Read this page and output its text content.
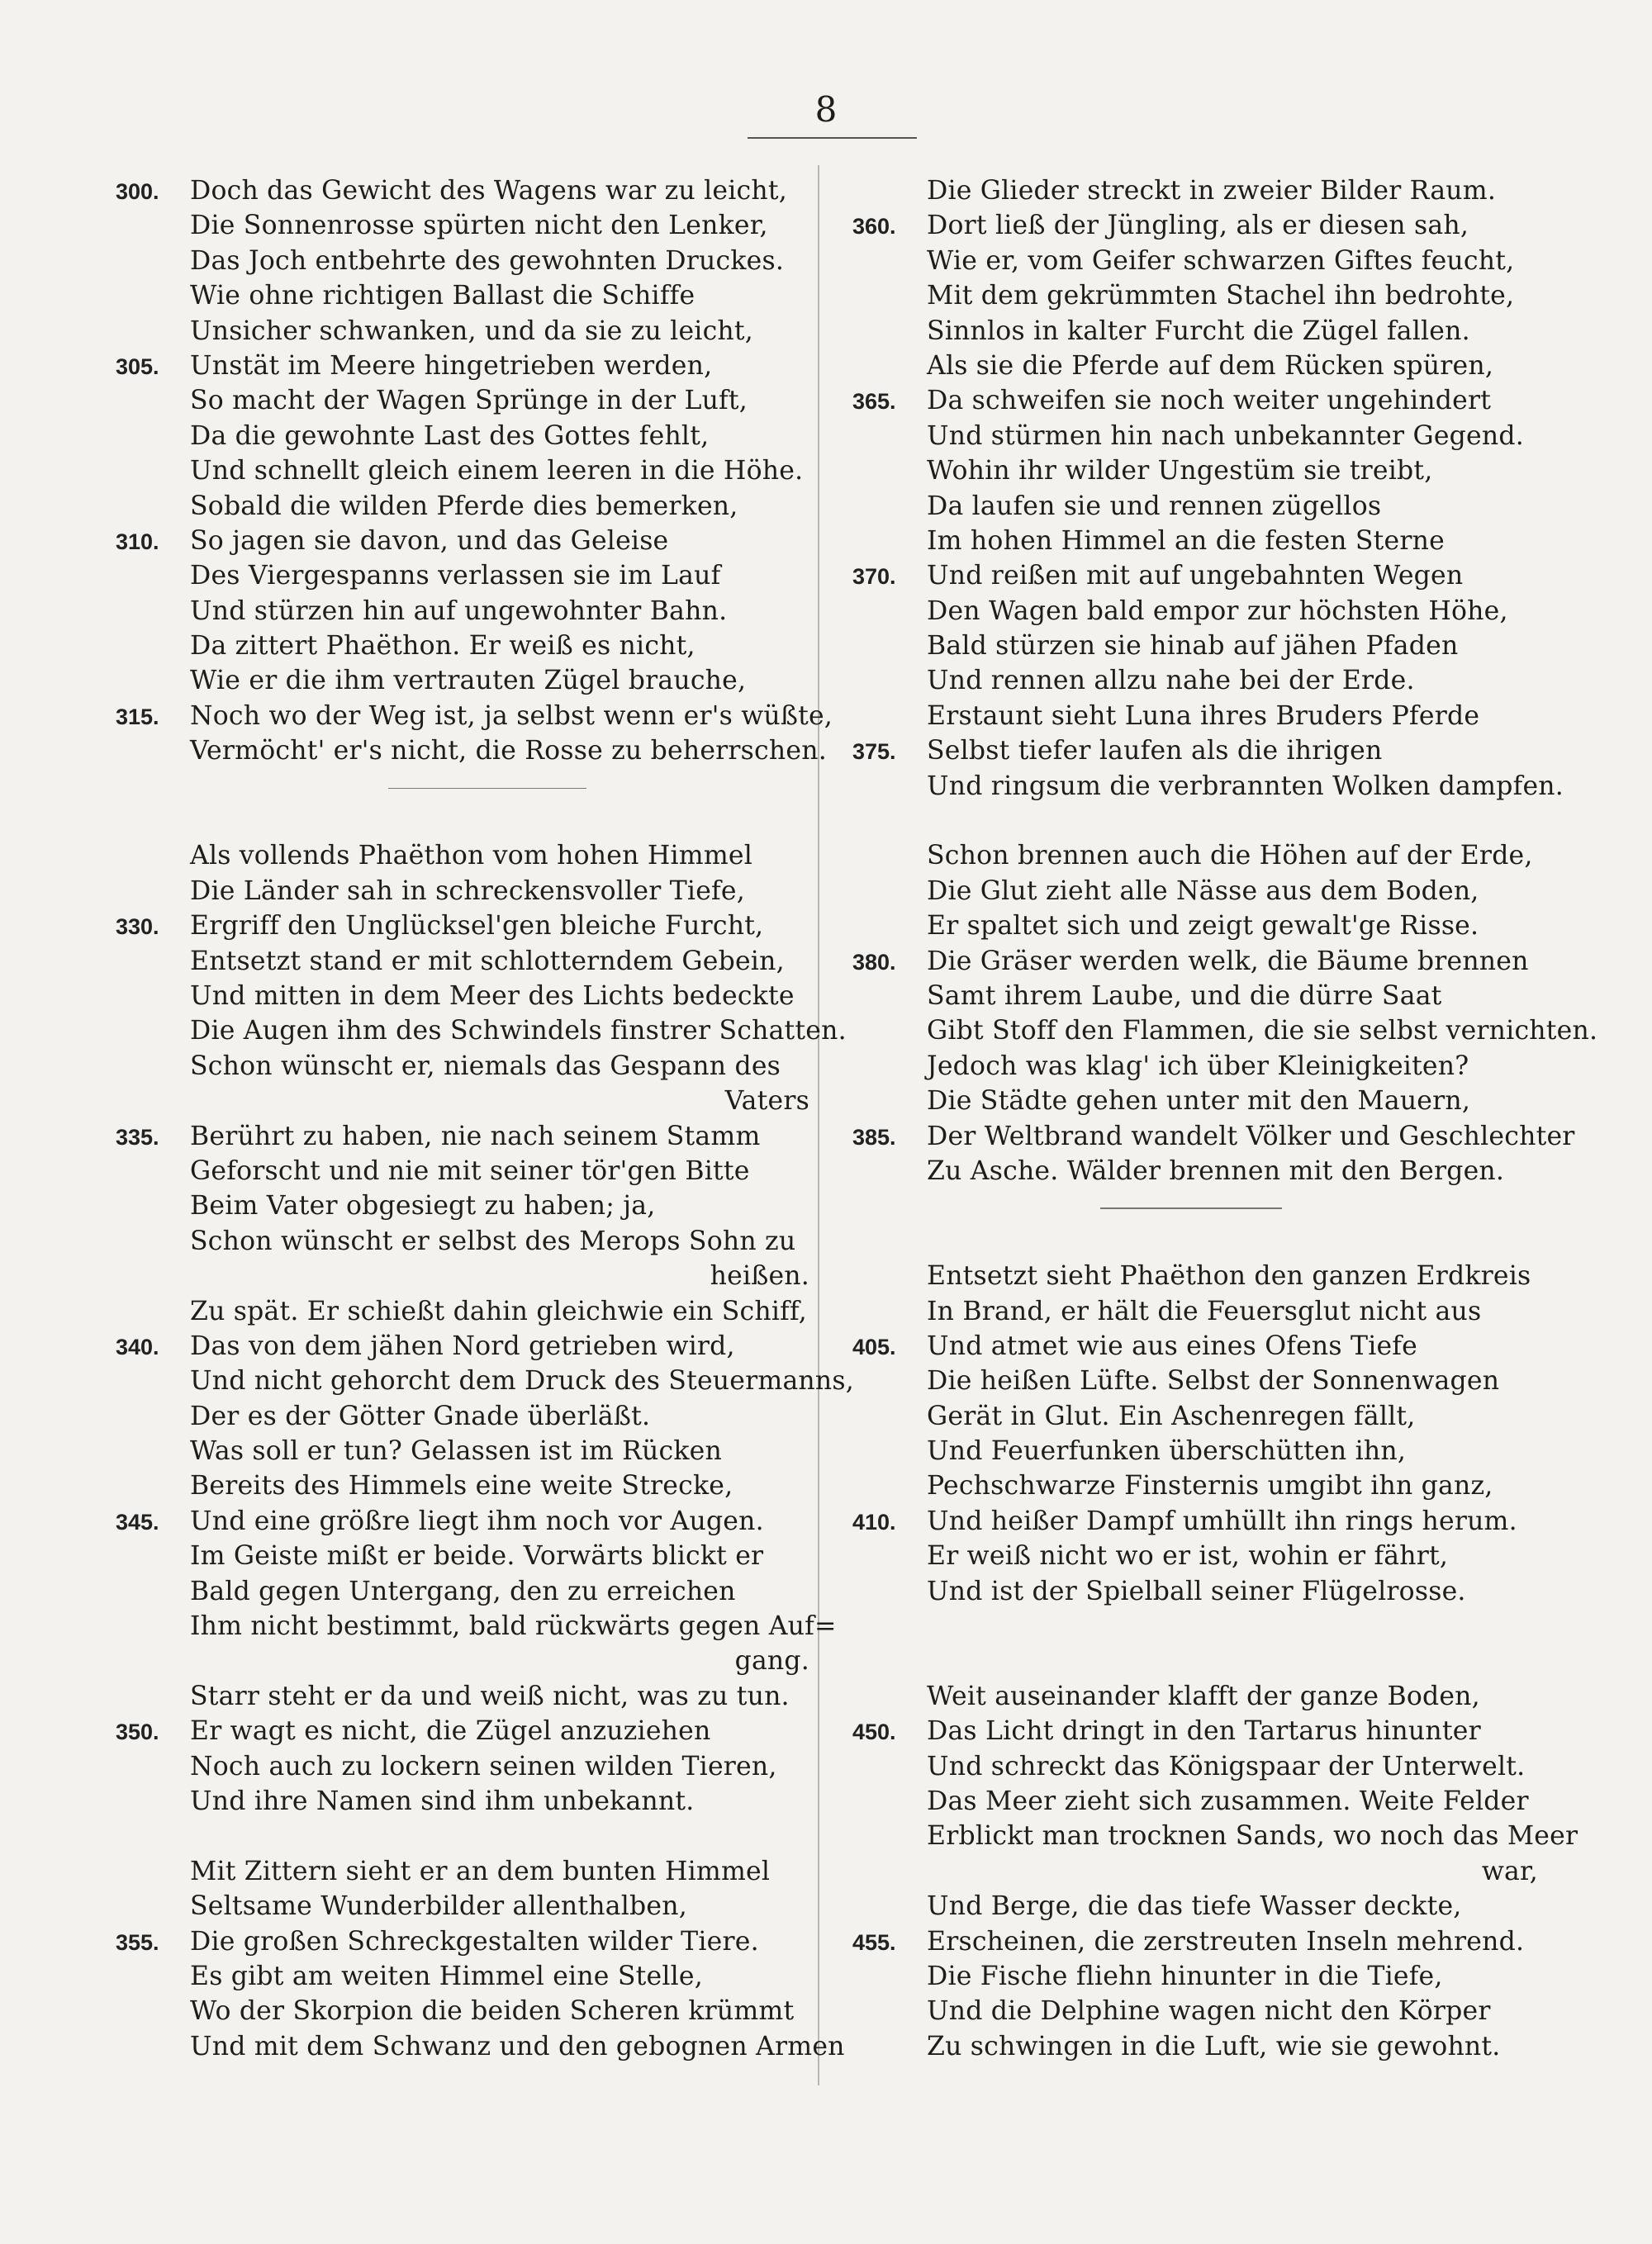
8
300.	Doch das Gewicht des Wagens war zu leicht,
Die Sonnenrosse spürten nicht den Lenker,
Das Joch entbehrte des gewohnten Druckes.
Wie ohne richtigen Ballast die Schiffe
Unsicher schwanken, und da sie zu leicht,
305.	Unstät im Meere hingetrieben werden,
So macht der Wagen Sprünge in der Luft,
Da die gewohnte Last des Gottes fehlt,
Und schnellt gleich einem leeren in die Höhe.
Sobald die wilden Pferde dies bemerken,
310.	So jagen sie davon, und das Geleise
Des Viergespanns verlassen sie im Lauf
Und stürzen hin auf ungewohnter Bahn.
Da zittert Phaëthon. Er weiß es nicht,
Wie er die ihm vertrauten Zügel brauche,
315.	Noch wo der Weg ist, ja selbst wenn er's wüßte,
Vermöcht' er's nicht, die Rosse zu beherrschen.
Als vollends Phaëthon vom hohen Himmel
Die Länder sah in schreckensvoller Tiefe,
330.	Ergriff den Unglücksel'gen bleiche Furcht,
Entsetzt stand er mit schlotterndem Gebein,
Und mitten in dem Meer des Lichts bedeckte
Die Augen ihm des Schwindels finstrer Schatten.
Schon wünscht er, niemals das Gespann des
Vaters
335.	Berührt zu haben, nie nach seinem Stamm
Geforscht und nie mit seiner tör'gen Bitte
Beim Vater obgesiegt zu haben; ja,
Schon wünscht er selbst des Merops Sohn zu
heißen.
Zu spät. Er schießt dahin gleichwie ein Schiff,
340.	Das von dem jähen Nord getrieben wird,
Und nicht gehorcht dem Druck des Steuermanns,
Der es der Götter Gnade überläßt.
Was soll er tun? Gelassen ist im Rücken
Bereits des Himmels eine weite Strecke,
345.	Und eine größre liegt ihm noch vor Augen.
Im Geiste mißt er beide. Vorwärts blickt er
Bald gegen Untergang, den zu erreichen
Ihm nicht bestimmt, bald rückwärts gegen Auf=
gang.
Starr steht er da und weiß nicht, was zu tun.
350.	Er wagt es nicht, die Zügel anzuziehen
Noch auch zu lockern seinen wilden Tieren,
Und ihre Namen sind ihm unbekannt.
Mit Zittern sieht er an dem bunten Himmel
Seltsame Wunderbilder allenthalben,
355.	Die großen Schreckgestalten wilder Tiere.
Es gibt am weiten Himmel eine Stelle,
Wo der Skorpion die beiden Scheren krümmt
Und mit dem Schwanz und den gebognen Armen
Die Glieder streckt in zweier Bilder Raum.
360.	Dort ließ der Jüngling, als er diesen sah,
Wie er, vom Geifer schwarzen Giftes feucht,
Mit dem gekrümmten Stachel ihn bedrohte,
Sinnlos in kalter Furcht die Zügel fallen.
Als sie die Pferde auf dem Rücken spüren,
365.	Da schweifen sie noch weiter ungehindert
Und stürmen hin nach unbekannter Gegend.
Wohin ihr wilder Ungestüm sie treibt,
Da laufen sie und rennen zügellos
Im hohen Himmel an die festen Sterne
370.	Und reißen mit auf ungebahnten Wegen
Den Wagen bald empor zur höchsten Höhe,
Bald stürzen sie hinab auf jähen Pfaden
Und rennen allzu nahe bei der Erde.
Erstaunt sieht Luna ihres Bruders Pferde
375.	Selbst tiefer laufen als die ihrigen
Und ringsum die verbrannten Wolken dampfen.
Schon brennen auch die Höhen auf der Erde,
Die Glut zieht alle Nässe aus dem Boden,
Er spaltet sich und zeigt gewalt'ge Risse.
380.	Die Gräser werden welk, die Bäume brennen
Samt ihrem Laube, und die dürre Saat
Gibt Stoff den Flammen, die sie selbst vernichten.
Jedoch was klag' ich über Kleinigkeiten?
Die Städte gehen unter mit den Mauern,
385.	Der Weltbrand wandelt Völker und Geschlechter
Zu Asche. Wälder brennen mit den Bergen.
Entsetzt sieht Phaëthon den ganzen Erdkreis
In Brand, er hält die Feuersglut nicht aus
405.	Und atmet wie aus eines Ofens Tiefe
Die heißen Lüfte. Selbst der Sonnenwagen
Gerät in Glut. Ein Aschenregen fällt,
Und Feuerfunken überschütten ihn,
Pechschwarze Finsternis umgibt ihn ganz,
410.	Und heißer Dampf umhüllt ihn rings herum.
Er weiß nicht wo er ist, wohin er fährt,
Und ist der Spielball seiner Flügelrosse.
Weit auseinander klafft der ganze Boden,
450.	Das Licht dringt in den Tartarus hinunter
Und schreckt das Königspaar der Unterwelt.
Das Meer zieht sich zusammen. Weite Felder
Erblickt man trocknen Sands, wo noch das Meer
war,
Und Berge, die das tiefe Wasser deckte,
455.	Erscheinen, die zerstreuten Inseln mehrend.
Die Fische fliehn hinunter in die Tiefe,
Und die Delphine wagen nicht den Körper
Zu schwingen in die Luft, wie sie gewohnt.
